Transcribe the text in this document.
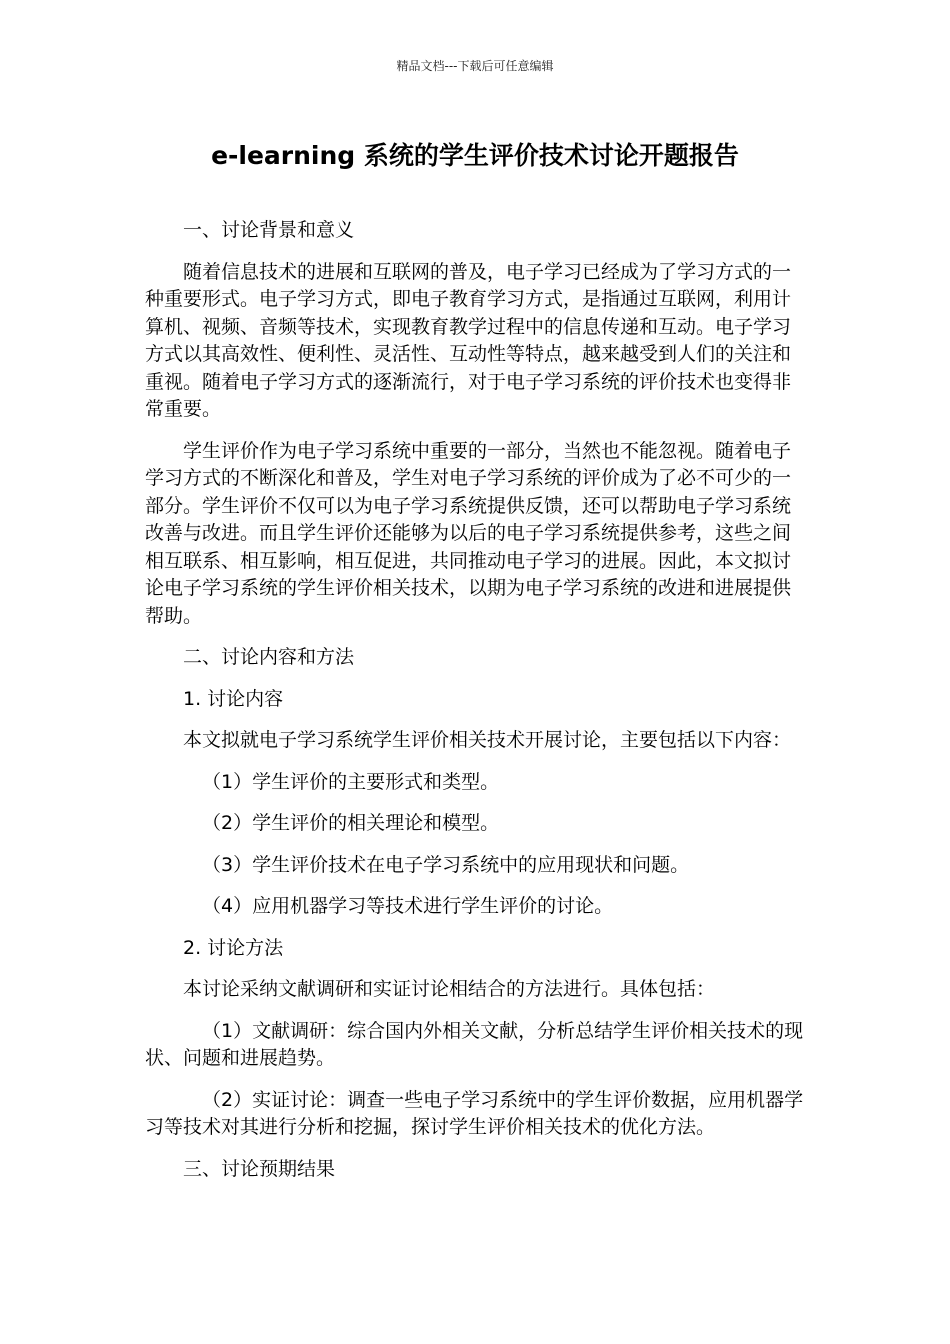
精品文档---下载后可任意编辑
e-learning 系统的学生评价技术讨论开题报告

一、讨论背景和意义

随着信息技术的进展和互联网的普及，电子学习已经成为了学习方式的一种重要形式。电子学习方式，即电子教育学习方式，是指通过互联网，利用计算机、视频、音频等技术，实现教育教学过程中的信息传递和互动。电子学习方式以其高效性、便利性、灵活性、互动性等特点，越来越受到人们的关注和重视。随着电子学习方式的逐渐流行，对于电子学习系统的评价技术也变得非常重要。

学生评价作为电子学习系统中重要的一部分，当然也不能忽视。随着电子学习方式的不断深化和普及，学生对电子学习系统的评价成为了必不可少的一部分。学生评价不仅可以为电子学习系统提供反馈，还可以帮助电子学习系统改善与改进。而且学生评价还能够为以后的电子学习系统提供参考，这些之间相互联系、相互影响，相互促进，共同推动电子学习的进展。因此，本文拟讨论电子学习系统的学生评价相关技术，以期为电子学习系统的改进和进展提供帮助。

二、讨论内容和方法

1. 讨论内容

本文拟就电子学习系统学生评价相关技术开展讨论，主要包括以下内容：

（1）学生评价的主要形式和类型。

（2）学生评价的相关理论和模型。

（3）学生评价技术在电子学习系统中的应用现状和问题。

（4）应用机器学习等技术进行学生评价的讨论。

2. 讨论方法

本讨论采纳文献调研和实证讨论相结合的方法进行。具体包括：

（1）文献调研：综合国内外相关文献，分析总结学生评价相关技术的现状、问题和进展趋势。

（2）实证讨论：调查一些电子学习系统中的学生评价数据，应用机器学习等技术对其进行分析和挖掘，探讨学生评价相关技术的优化方法。

三、讨论预期结果
